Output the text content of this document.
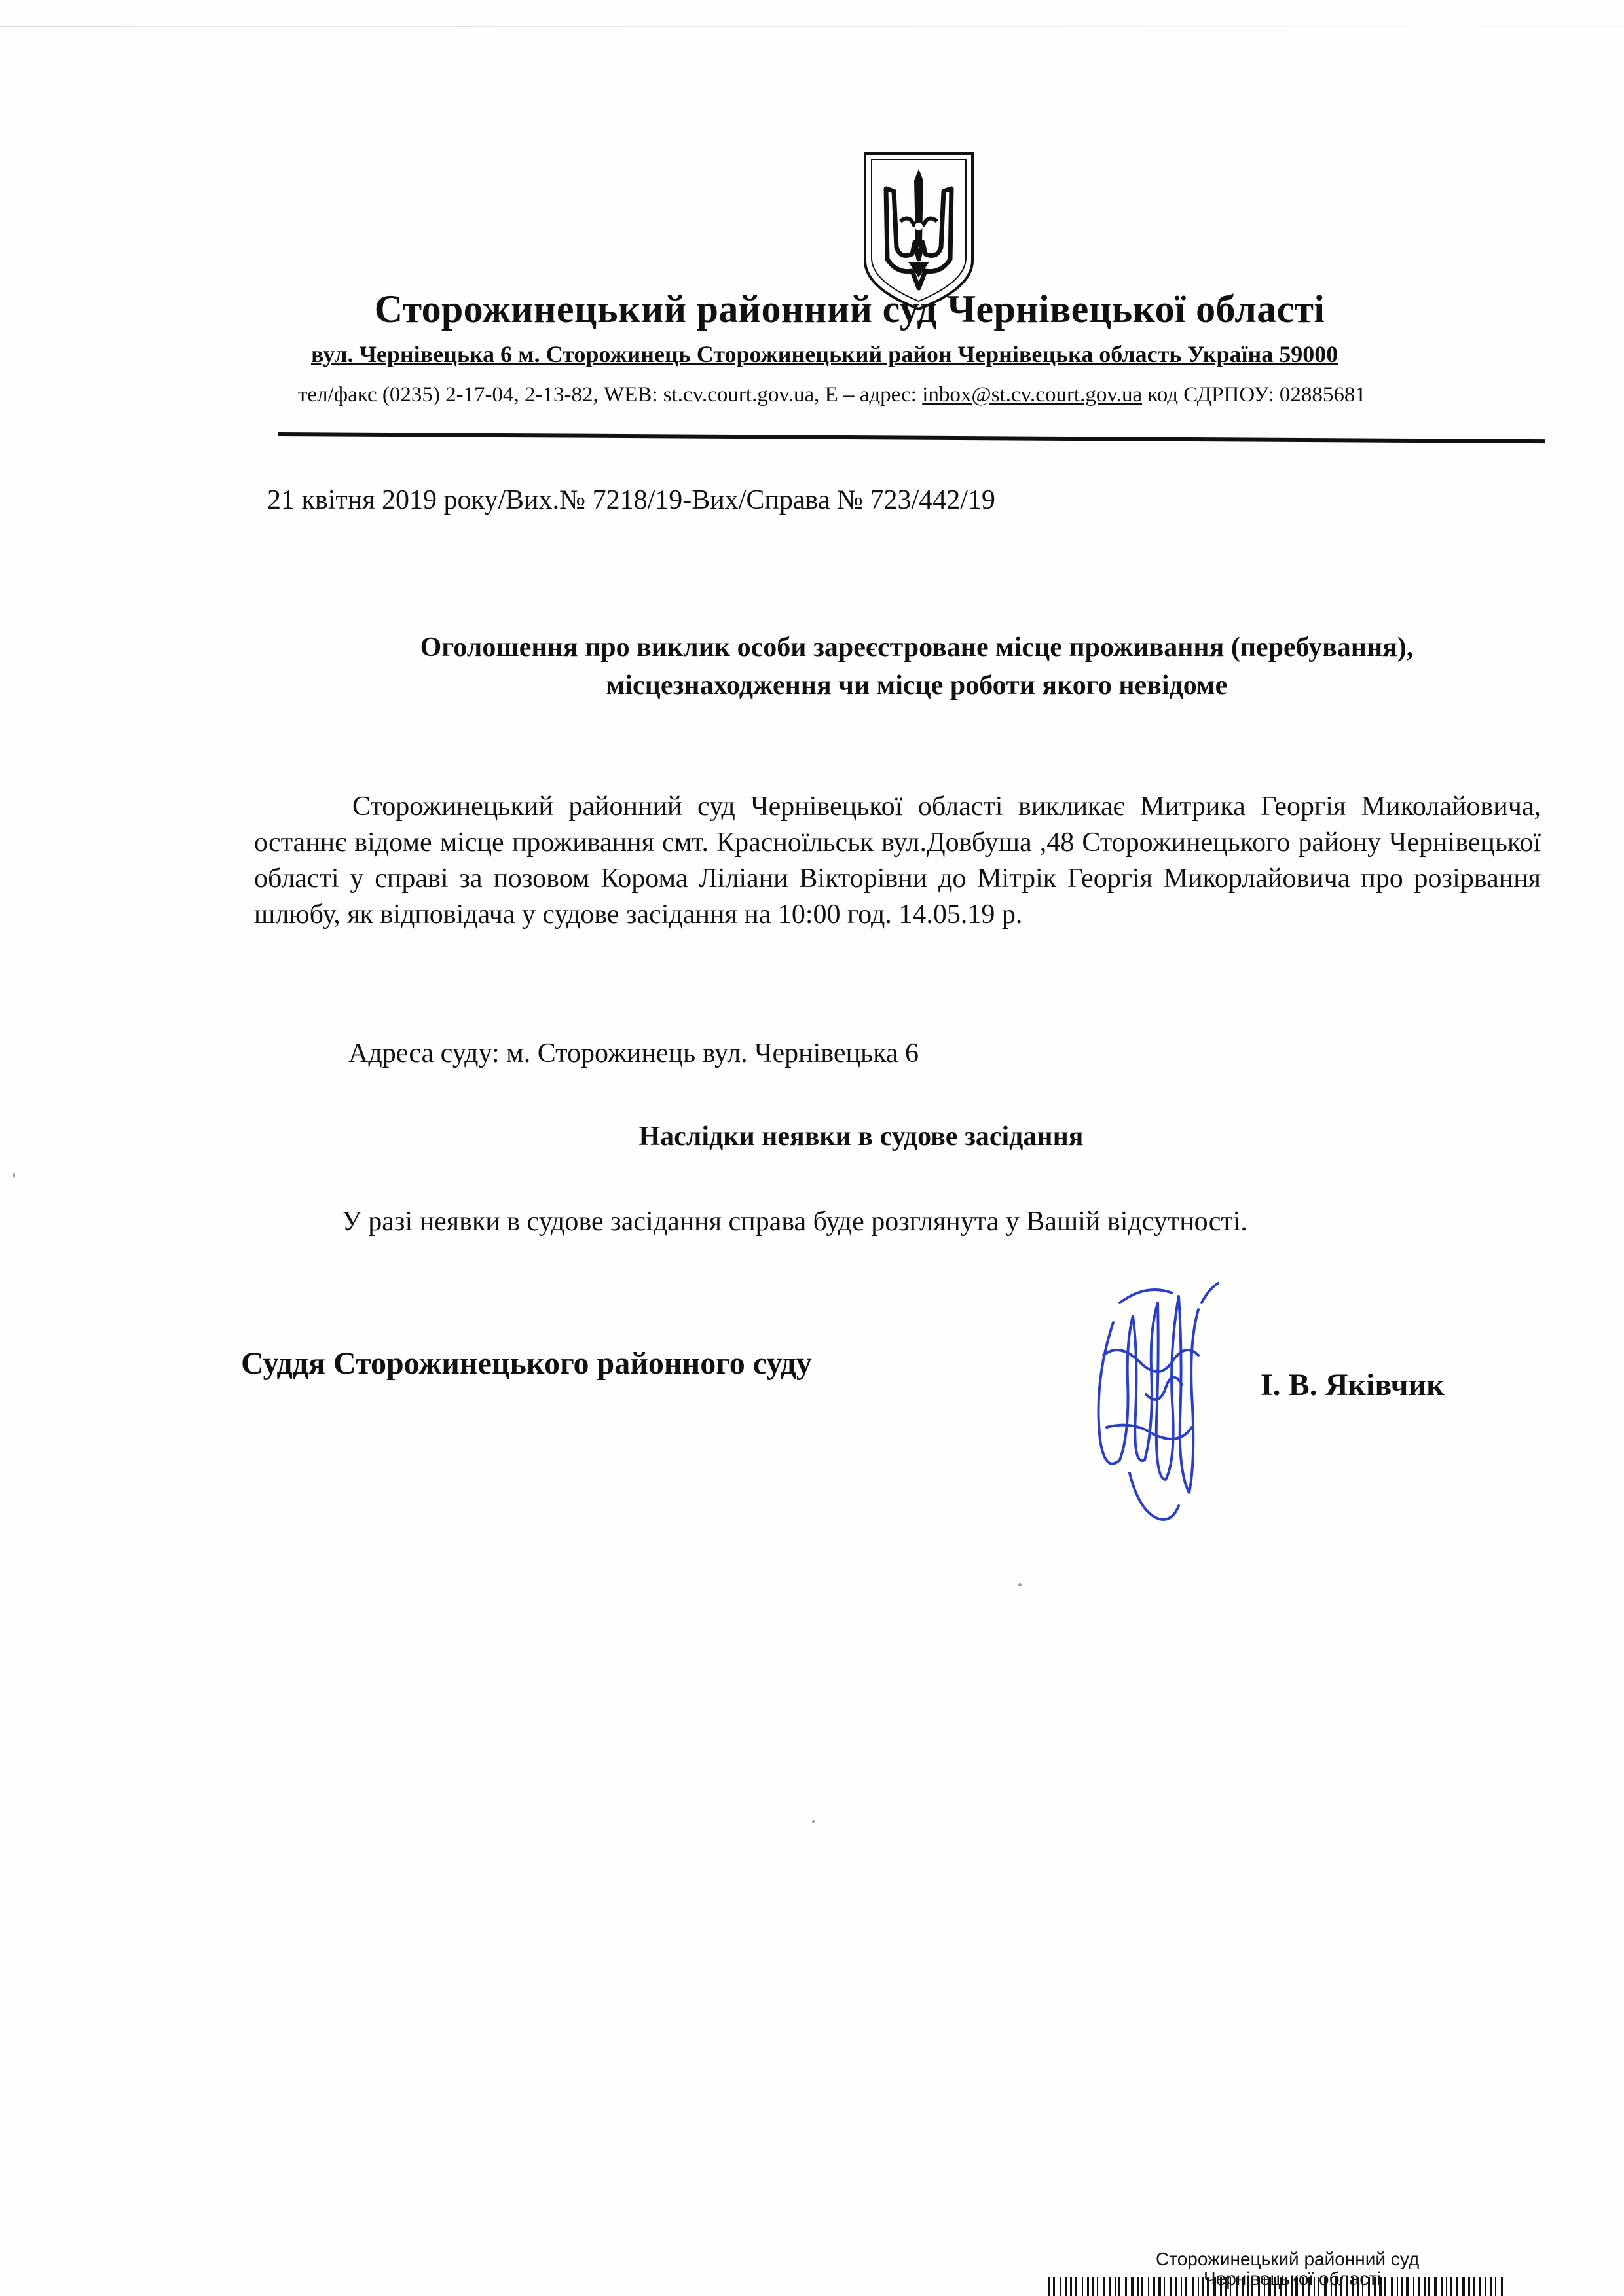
Сторожинецький районний суд Чернівецької області
вул. Чернівецька 6 м. Сторожинець Сторожинецький район Чернівецька область Україна 59000
тел/факс (0235) 2-17-04, 2-13-82, WEB: st.cv.court.gov.ua, Е – адрес: inbox@st.cv.court.gov.ua код СДРПОУ: 02885681
21 квітня 2019 року/Вих.№ 7218/19-Вих/Справа № 723/442/19
Оголошення про виклик особи зареєстроване місце проживання (перебування),
місцезнаходження чи місце роботи якого невідоме
Сторожинецький районний суд Чернівецької області викликає Митрика Георгія Миколайовича, останнє відоме місце проживання смт. Красноїльськ вул.Довбуша ,48 Сторожинецького району Чернівецької області у справі за позовом Корома Ліліани Вікторівни до Мітрік Георгія Микорлайовича про розірвання шлюбу, як відповідача у судове засідання на 10:00 год. 14.05.19 р.
Адреса суду: м. Сторожинець вул. Чернівецька 6
Наслідки неявки в судове засідання
У разі неявки в судове засідання справа буде розглянута у Вашій відсутності.
Суддя Сторожинецького районного суду
І. В. Яківчик
Сторожинецький районний суд
Чернівецької області
